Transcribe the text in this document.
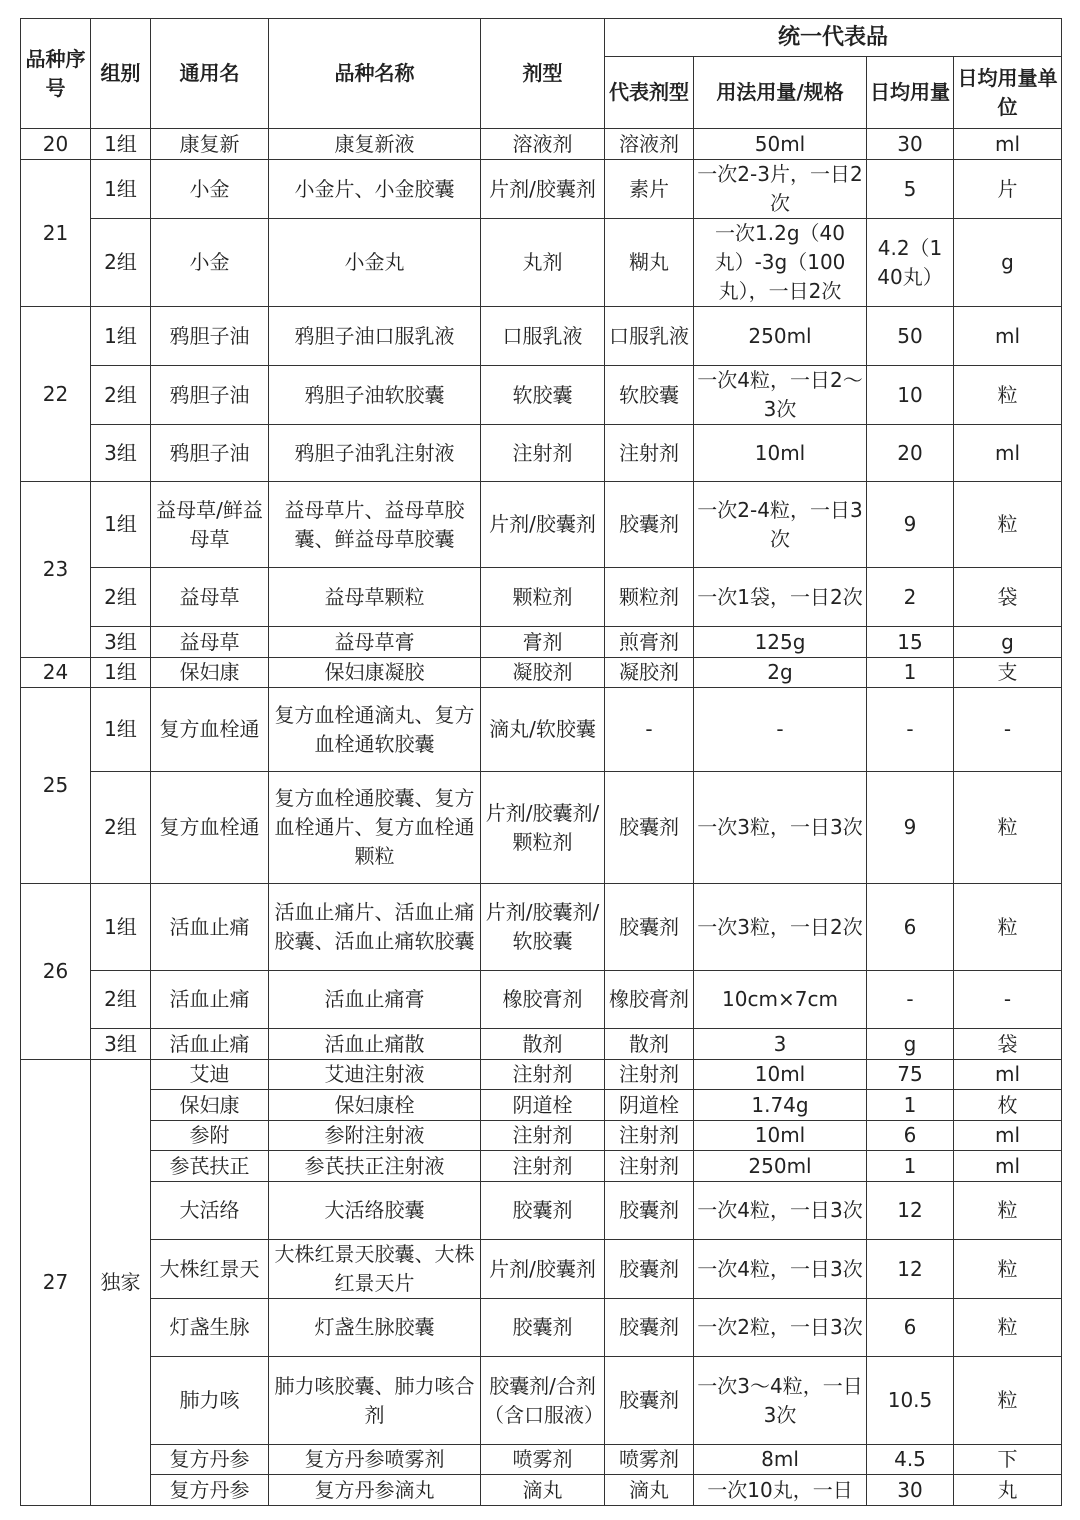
品种序号	组别	通用名	品种名称	剂型	统一代表品			
					代表剂型	用法用量/规格	日均用量	日均用量单位
20	1组	康复新	康复新液	溶液剂	溶液剂	50ml	30	ml
21	1组	小金	小金片、小金胶囊	片剂/胶囊剂	素片	一次2-3片，一日2次	5	片
	2组	小金	小金丸	丸剂	糊丸	一次1.2g（40丸）-3g（100丸），一日2次	4.2（1 40丸）	g
22	1组	鸦胆子油	鸦胆子油口服乳液	口服乳液	口服乳液	250ml	50	ml
	2组	鸦胆子油	鸦胆子油软胶囊	软胶囊	软胶囊	一次4粒，一日2～3次	10	粒
	3组	鸦胆子油	鸦胆子油乳注射液	注射剂	注射剂	10ml	20	ml
23	1组	益母草/鲜益母草	益母草片、益母草胶囊、鲜益母草胶囊	片剂/胶囊剂	胶囊剂	一次2-4粒，一日3次	9	粒
	2组	益母草	益母草颗粒	颗粒剂	颗粒剂	一次1袋，一日2次	2	袋
	3组	益母草	益母草膏	膏剂	煎膏剂	125g	15	g
24	1组	保妇康	保妇康凝胶	凝胶剂	凝胶剂	2g	1	支
25	1组	复方血栓通	复方血栓通滴丸、复方血栓通软胶囊	滴丸/软胶囊	-	-	-	-
	2组	复方血栓通	复方血栓通胶囊、复方血栓通片、复方血栓通颗粒	片剂/胶囊剂/颗粒剂	胶囊剂	一次3粒，一日3次	9	粒
26	1组	活血止痛	活血止痛片、活血止痛胶囊、活血止痛软胶囊	片剂/胶囊剂/软胶囊	胶囊剂	一次3粒，一日2次	6	粒
	2组	活血止痛	活血止痛膏	橡胶膏剂	橡胶膏剂	10cm×7cm	-	-
	3组	活血止痛	活血止痛散	散剂	散剂	3	g	袋
27	独家	艾迪	艾迪注射液	注射剂	注射剂	10ml	75	ml
		保妇康	保妇康栓	阴道栓	阴道栓	1.74g	1	枚
		参附	参附注射液	注射剂	注射剂	10ml	6	ml
		参芪扶正	参芪扶正注射液	注射剂	注射剂	250ml	1	ml
		大活络	大活络胶囊	胶囊剂	胶囊剂	一次4粒，一日3次	12	粒
		大株红景天	大株红景天胶囊、大株红景天片	片剂/胶囊剂	胶囊剂	一次4粒，一日3次	12	粒
		灯盏生脉	灯盏生脉胶囊	胶囊剂	胶囊剂	一次2粒，一日3次	6	粒
		肺力咳	肺力咳胶囊、肺力咳合剂	胶囊剂/合剂（含口服液）	胶囊剂	一次3～4粒，一日3次	10.5	粒
		复方丹参	复方丹参喷雾剂	喷雾剂	喷雾剂	8ml	4.5	下
		复方丹参	复方丹参滴丸	滴丸	滴丸	一次10丸，一日	30	丸
